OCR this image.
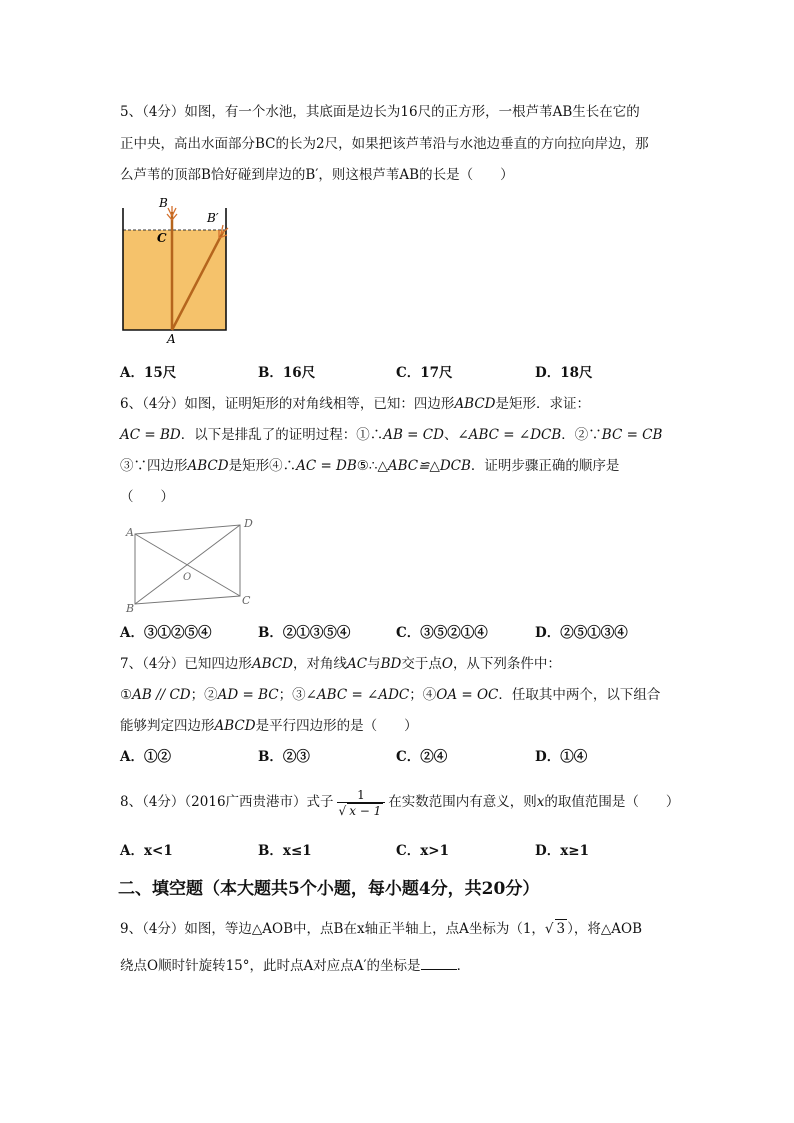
5、（4分）如图，有一个水池，其底面是边长为16尺的正方形，一根芦苇AB生长在它的
正中央，高出水面部分BC的长为2尺，如果把该芦苇沿与水池边垂直的方向拉向岸边，那
么芦苇的顶部B恰好碰到岸边的B′，则这根芦苇AB的长是（　　）
B
C
B′
A
A．15尺	B．16尺	C．17尺	D．18尺
6、（4分）如图，证明矩形的对角线相等，已知：四边形ABCD是矩形．求证：
AC = BD．以下是排乱了的证明过程：①∴AB = CD、∠ABC = ∠DCB．②∵BC = CB
③∵四边形ABCD是矩形④∴AC = DB⑤∴△ABC≌△DCB．证明步骤正确的顺序是
（　　）
A
D
B
C
O
A．③①②⑤④	B．②①③⑤④	C．③⑤②①④	D．②⑤①③④
7、（4分）已知四边形ABCD，对角线AC与BD交于点O，从下列条件中：
①AB // CD；②AD = BC；③∠ABC = ∠ADC；④OA = OC．任取其中两个，以下组合
能够判定四边形ABCD是平行四边形的是（　　）
A．①②	B．②③	C．②④	D．①④
8、（4分）（2016广西贵港市）式子 $\frac{1}{√ x - 1}$ 在实数范围内有意义，则x的取值范围是（　　）
A．x<1	B．x≤1	C．x>1	D．x≥1
二、填空题（本大题共5个小题，每小题4分，共20分）
9、（4分）如图，等边△AOB中，点B在x轴正半轴上，点A坐标为（1，√ 3 ），将△AOB
绕点O顺时针旋转15°，此时点A对应点A′的坐标是	．
